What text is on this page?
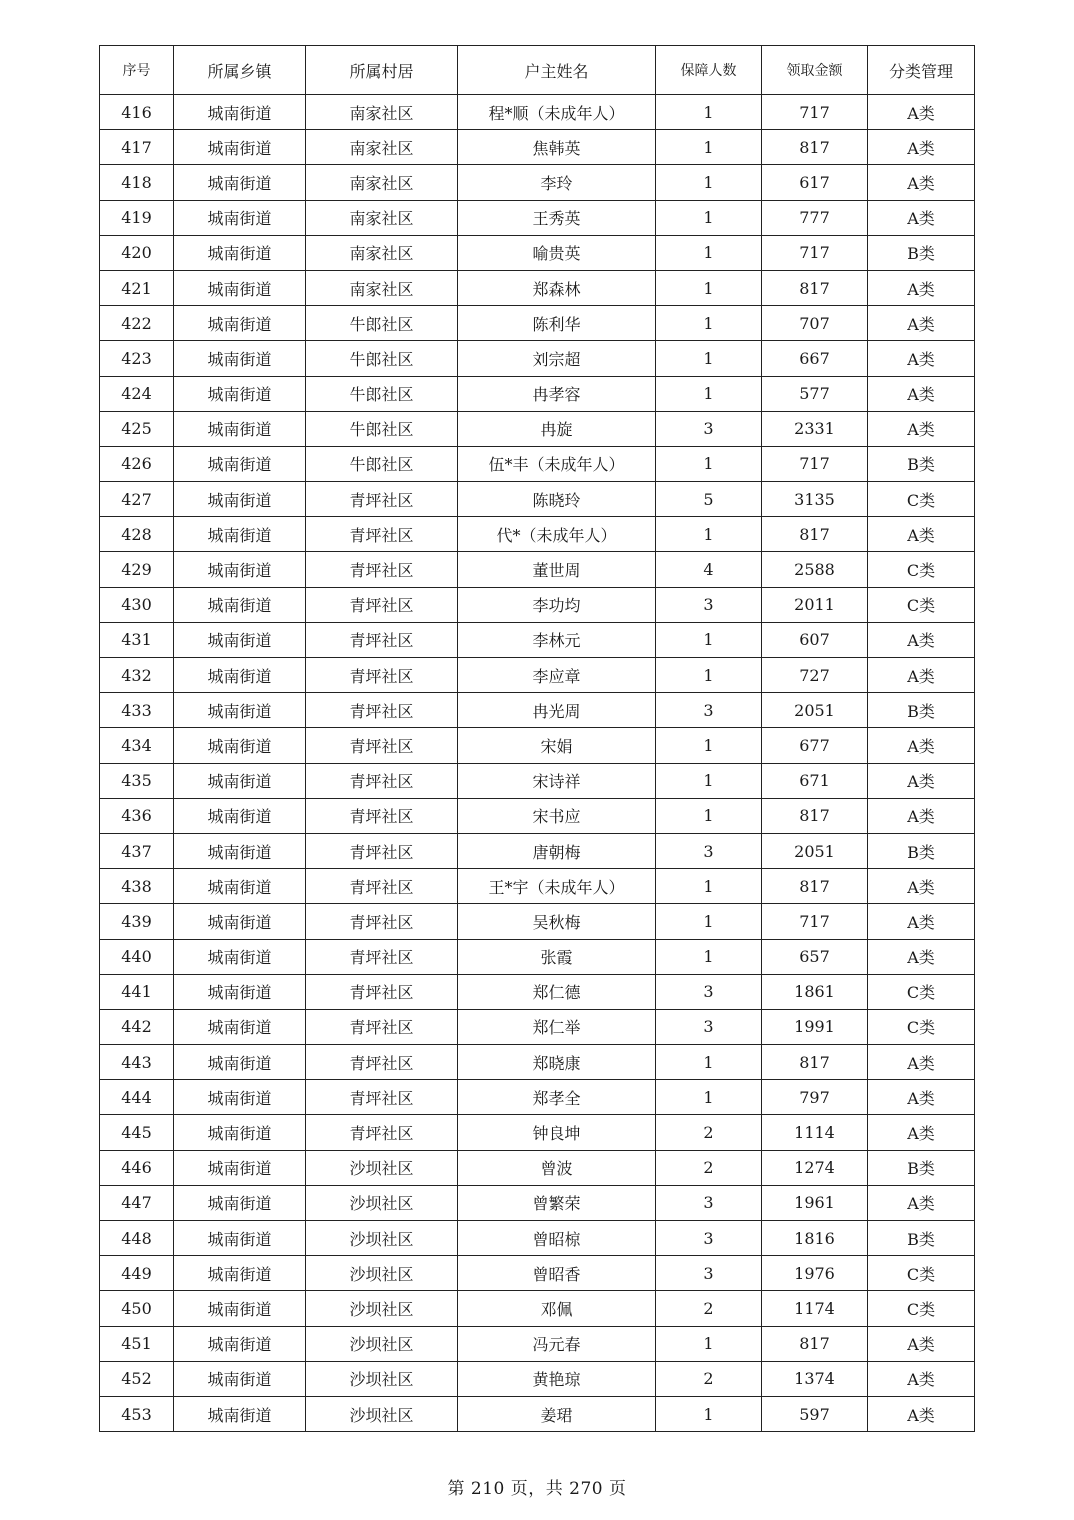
序号	所属乡镇	所属村居	户主姓名	保障人数	领取金额	分类管理
416	城南街道	南家社区	程*顺（未成年人）	1	717	A类
417	城南街道	南家社区	焦韩英	1	817	A类
418	城南街道	南家社区	李玲	1	617	A类
419	城南街道	南家社区	王秀英	1	777	A类
420	城南街道	南家社区	喻贵英	1	717	B类
421	城南街道	南家社区	郑森林	1	817	A类
422	城南街道	牛郎社区	陈利华	1	707	A类
423	城南街道	牛郎社区	刘宗超	1	667	A类
424	城南街道	牛郎社区	冉孝容	1	577	A类
425	城南街道	牛郎社区	冉旋	3	2331	A类
426	城南街道	牛郎社区	伍*丰（未成年人）	1	717	B类
427	城南街道	青坪社区	陈晓玲	5	3135	C类
428	城南街道	青坪社区	代*（未成年人）	1	817	A类
429	城南街道	青坪社区	董世周	4	2588	C类
430	城南街道	青坪社区	李功均	3	2011	C类
431	城南街道	青坪社区	李林元	1	607	A类
432	城南街道	青坪社区	李应章	1	727	A类
433	城南街道	青坪社区	冉光周	3	2051	B类
434	城南街道	青坪社区	宋娟	1	677	A类
435	城南街道	青坪社区	宋诗祥	1	671	A类
436	城南街道	青坪社区	宋书应	1	817	A类
437	城南街道	青坪社区	唐朝梅	3	2051	B类
438	城南街道	青坪社区	王*宇（未成年人）	1	817	A类
439	城南街道	青坪社区	吴秋梅	1	717	A类
440	城南街道	青坪社区	张霞	1	657	A类
441	城南街道	青坪社区	郑仁德	3	1861	C类
442	城南街道	青坪社区	郑仁举	3	1991	C类
443	城南街道	青坪社区	郑晓康	1	817	A类
444	城南街道	青坪社区	郑孝全	1	797	A类
445	城南街道	青坪社区	钟良坤	2	1114	A类
446	城南街道	沙坝社区	曾波	2	1274	B类
447	城南街道	沙坝社区	曾繁荣	3	1961	A类
448	城南街道	沙坝社区	曾昭椋	3	1816	B类
449	城南街道	沙坝社区	曾昭香	3	1976	C类
450	城南街道	沙坝社区	邓佩	2	1174	C类
451	城南街道	沙坝社区	冯元春	1	817	A类
452	城南街道	沙坝社区	黄艳琼	2	1374	A类
453	城南街道	沙坝社区	姜珺	1	597	A类
第 210 页，共 270 页
